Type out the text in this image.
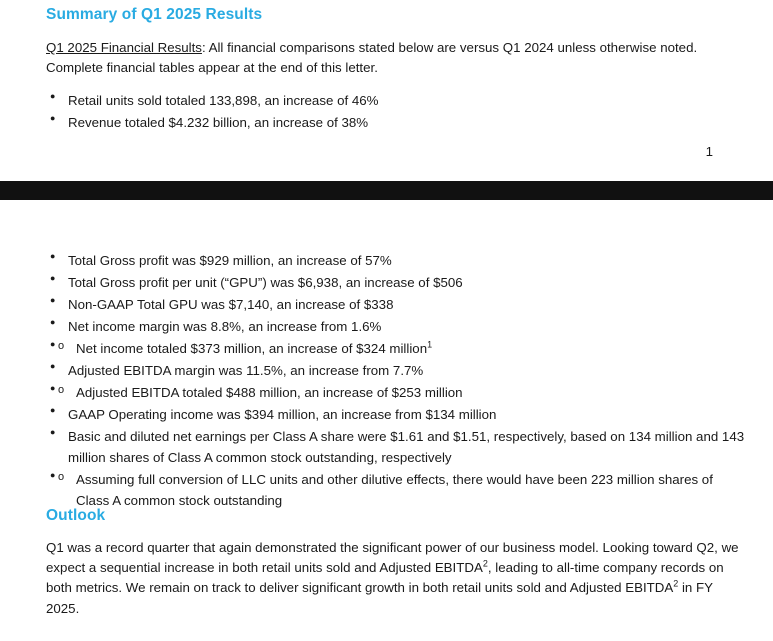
Summary of Q1 2025 Results
Q1 2025 Financial Results: All financial comparisons stated below are versus Q1 2024 unless otherwise noted. Complete financial tables appear at the end of this letter.
● Retail units sold totaled 133,898, an increase of 46%
● Revenue totaled $4.232 billion, an increase of 38%
1
● Total Gross profit was $929 million, an increase of 57%
● Total Gross profit per unit (“GPU”) was $6,938, an increase of $506
● Non-GAAP Total GPU was $7,140, an increase of $338
● Net income margin was 8.8%, an increase from 1.6%
o ● Net income totaled $373 million, an increase of $324 million$^1$
● Adjusted EBITDA margin was 11.5%, an increase from 7.7%
o ● Adjusted EBITDA totaled $488 million, an increase of $253 million
● GAAP Operating income was $394 million, an increase from $134 million
● Basic and diluted net earnings per Class A share were $1.61 and $1.51, respectively, based on 134 million and 143 million shares of Class A common stock outstanding, respectively
o ● Assuming full conversion of LLC units and other dilutive effects, there would have been 223 million shares of Class A common stock outstanding
Outlook
Q1 was a record quarter that again demonstrated the significant power of our business model. Looking toward Q2, we expect a sequential increase in both retail units sold and Adjusted EBITDA$^2$, leading to all-time company records on both metrics. We remain on track to deliver significant growth in both retail units sold and Adjusted EBITDA$^2$ in FY 2025.
